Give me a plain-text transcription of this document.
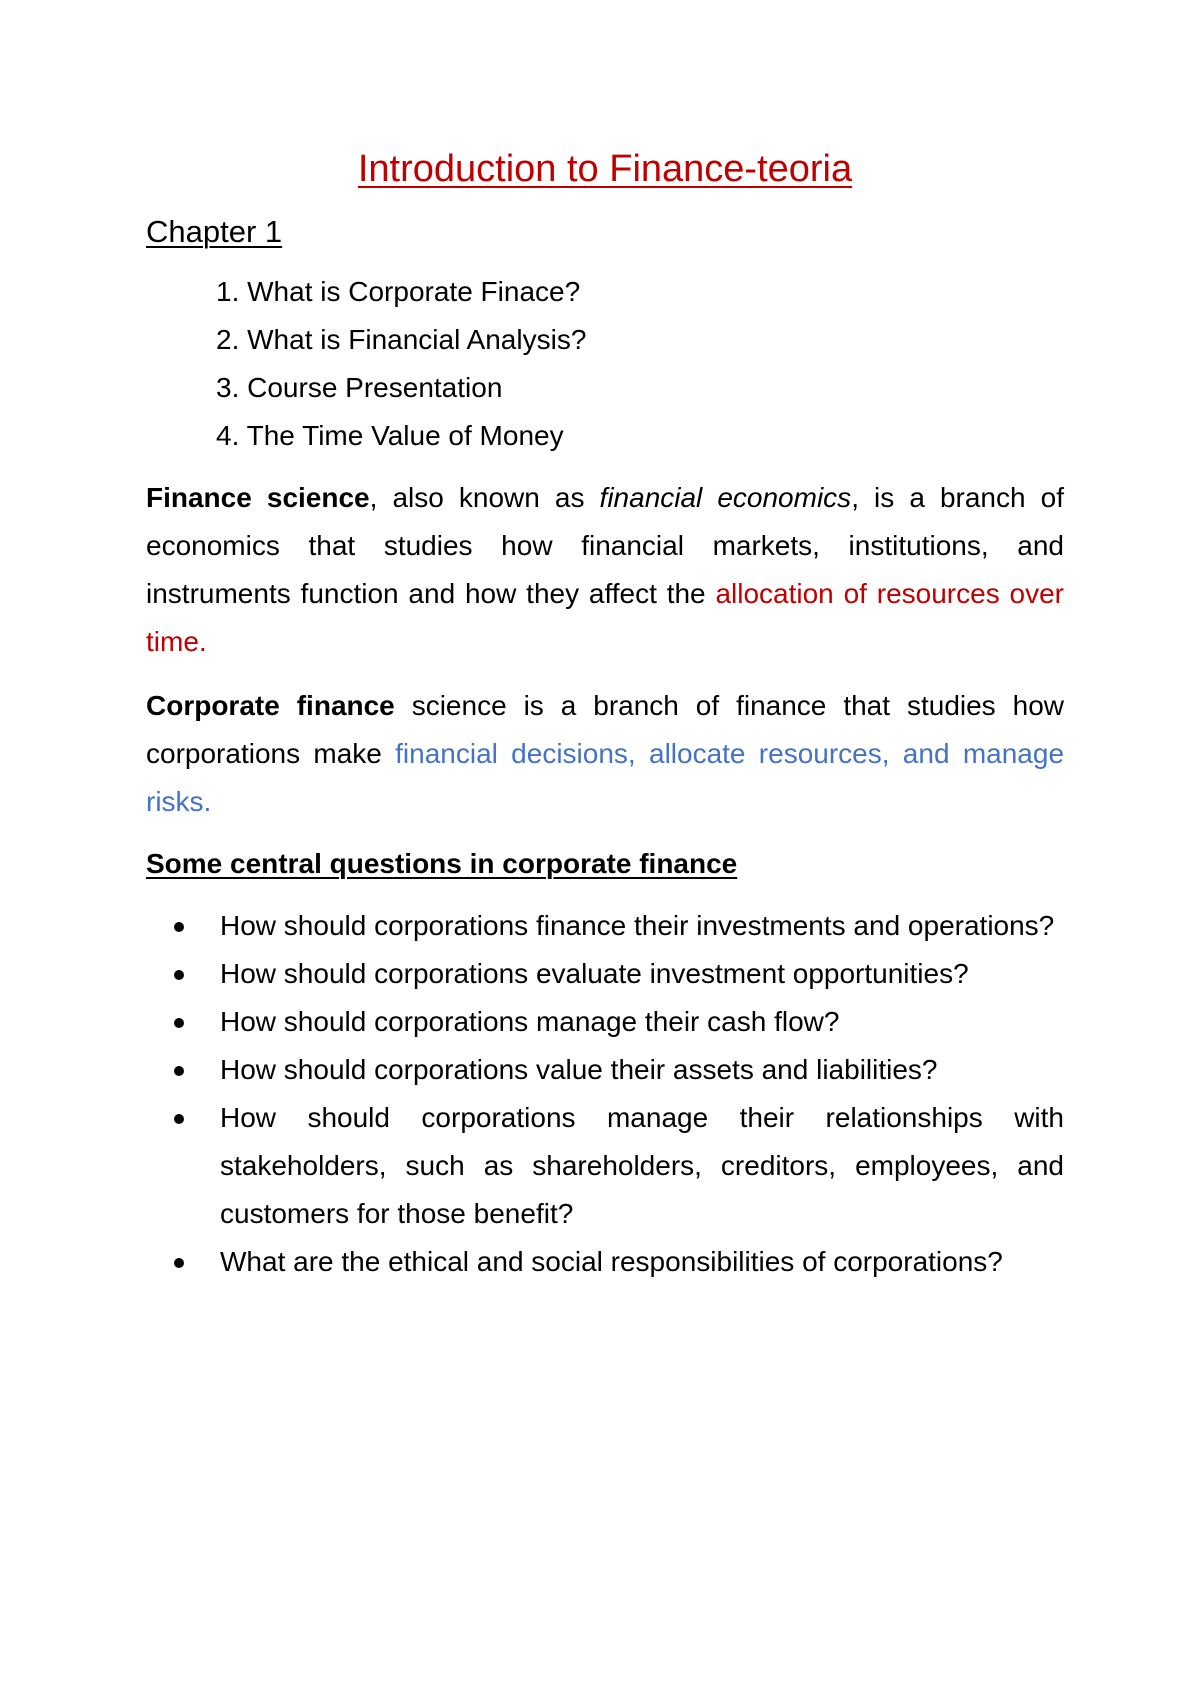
Introduction to Finance-teoria
Chapter 1
1. What is Corporate Finace?
2. What is Financial Analysis?
3. Course Presentation
4. The Time Value of Money

Finance science, also known as financial economics, is a branch of economics that studies how financial markets, institutions, and instruments function and how they affect the allocation of resources over time.

Corporate finance science is a branch of finance that studies how corporations make financial decisions, allocate resources, and manage risks.

Some central questions in corporate finance
How should corporations finance their investments and operations?
How should corporations evaluate investment opportunities?
How should corporations manage their cash flow?
How should corporations value their assets and liabilities?
How should corporations manage their relationships with stakeholders, such as shareholders, creditors, employees, and customers for those benefit?
What are the ethical and social responsibilities of corporations?
